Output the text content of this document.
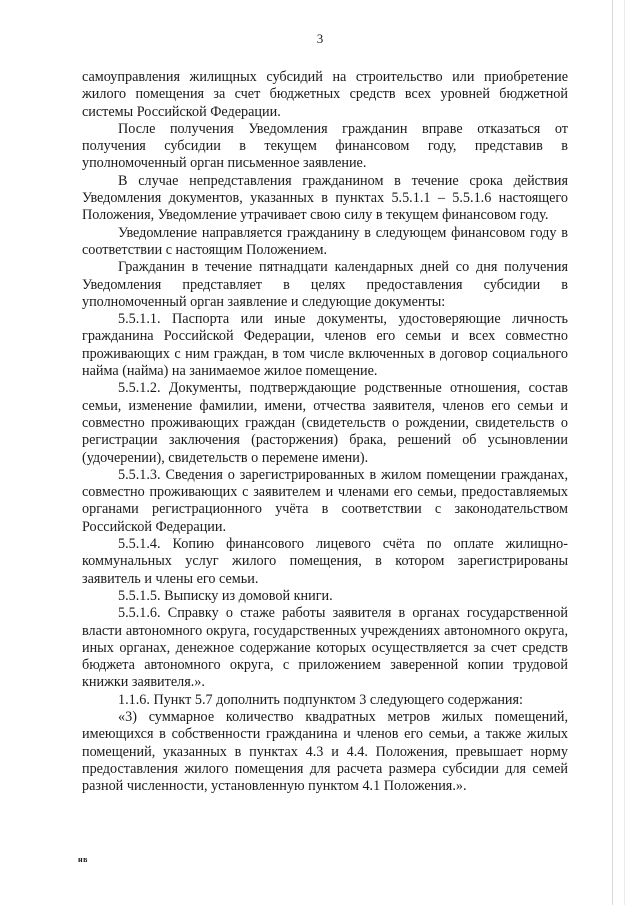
3

самоуправления жилищных субсидий на строительство или приобретение жилого помещения за счет бюджетных средств всех уровней бюджетной системы Российской Федерации.

После получения Уведомления гражданин вправе отказаться от получения субсидии в текущем финансовом году, представив в уполномоченный орган письменное заявление.

В случае непредставления гражданином в течение срока действия Уведомления документов, указанных в пунктах 5.5.1.1 – 5.5.1.6 настоящего Положения, Уведомление утрачивает свою силу в текущем финансовом году.

Уведомление направляется гражданину в следующем финансовом году в соответствии с настоящим Положением.

Гражданин в течение пятнадцати календарных дней со дня получения Уведомления представляет в целях предоставления субсидии в уполномоченный орган заявление и следующие документы:

5.5.1.1. Паспорта или иные документы, удостоверяющие личность гражданина Российской Федерации, членов его семьи и всех совместно проживающих с ним граждан, в том числе включенных в договор социального найма (найма) на занимаемое жилое помещение.

5.5.1.2. Документы, подтверждающие родственные отношения, состав семьи, изменение фамилии, имени, отчества заявителя, членов его семьи и совместно проживающих граждан (свидетельств о рождении, свидетельств о регистрации заключения (расторжения) брака, решений об усыновлении (удочерении), свидетельств о перемене имени).

5.5.1.3. Сведения о зарегистрированных в жилом помещении гражданах, совместно проживающих с заявителем и членами его семьи, предоставляемых органами регистрационного учёта в соответствии с законодательством Российской Федерации.

5.5.1.4. Копию финансового лицевого счёта по оплате жилищно-коммунальных услуг жилого помещения, в котором зарегистрированы заявитель и члены его семьи.

5.5.1.5. Выписку из домовой книги.

5.5.1.6. Справку о стаже работы заявителя в органах государственной власти автономного округа, государственных учреждениях автономного округа, иных органах, денежное содержание которых осуществляется за счет средств бюджета автономного округа, с приложением заверенной копии трудовой книжки заявителя.».

1.1.6. Пункт 5.7 дополнить подпунктом 3 следующего содержания:

«3) суммарное количество квадратных метров жилых помещений, имеющихся в собственности гражданина и членов его семьи, а также жилых помещений, указанных в пунктах 4.3 и 4.4. Положения, превышает норму предоставления жилого помещения для расчета размера субсидии для семей разной численности, установленную пунктом 4.1 Положения.».

нв
